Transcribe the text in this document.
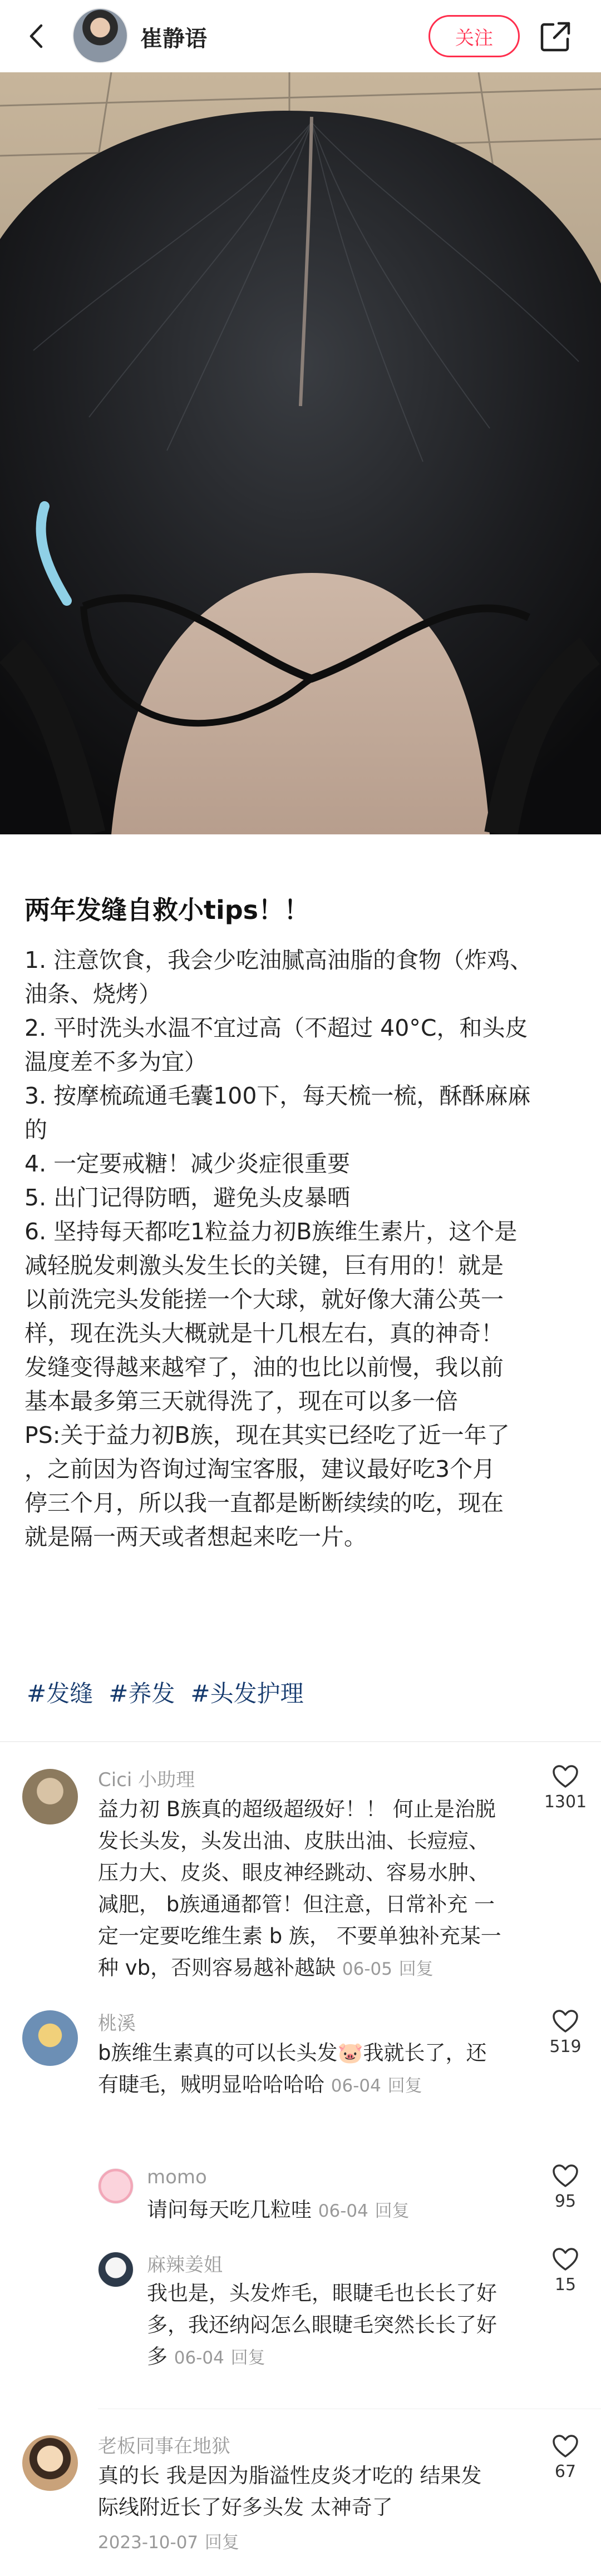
崔静语	关注
两年发缝自救小tips！！
1. 注意饮食，我会少吃油腻高油脂的食物（炸鸡、
油条、烧烤）
2. 平时洗头水温不宜过高（不超过 40°C，和头皮
温度差不多为宜）
3. 按摩梳疏通毛囊100下，每天梳一梳，酥酥麻麻
的
4. 一定要戒糖！减少炎症很重要
5. 出门记得防晒，避免头皮暴晒
6. 坚持每天都吃1粒益力初B族维生素片，这个是
减轻脱发刺激头发生长的关键，巨有用的！就是
以前洗完头发能搓一个大球，就好像大蒲公英一
样，现在洗头大概就是十几根左右，真的神奇！
发缝变得越来越窄了，油的也比以前慢，我以前
基本最多第三天就得洗了，现在可以多一倍
PS:关于益力初B族，现在其实已经吃了近一年了
，之前因为咨询过淘宝客服，建议最好吃3个月
停三个月，所以我一直都是断断续续的吃，现在
就是隔一两天或者想起来吃一片。
#发缝 #养发 #头发护理
Cici 小助理
益力初 B族真的超级超级好！！ 何止是治脱
发长头发，头发出油、皮肤出油、长痘痘、
压力大、皮炎、眼皮神经跳动、容易水肿、
减肥， b族通通都管！但注意，日常补充 一
定一定要吃维生素 b 族， 不要单独补充某一
种 vb，否则容易越补越缺 06-05 回复
1301
桃溪
b族维生素真的可以长头发🐷我就长了，还
有睫毛，贼明显哈哈哈哈 06-04 回复
519
momo
请问每天吃几粒哇 06-04 回复	95
麻辣姜姐
我也是，头发炸毛，眼睫毛也长长了好
多，我还纳闷怎么眼睫毛突然长长了好
多 06-04 回复
15
老板同事在地狱
真的长 我是因为脂溢性皮炎才吃的 结果发
际线附近长了好多头发 太神奇了
2023-10-07 回复
67
